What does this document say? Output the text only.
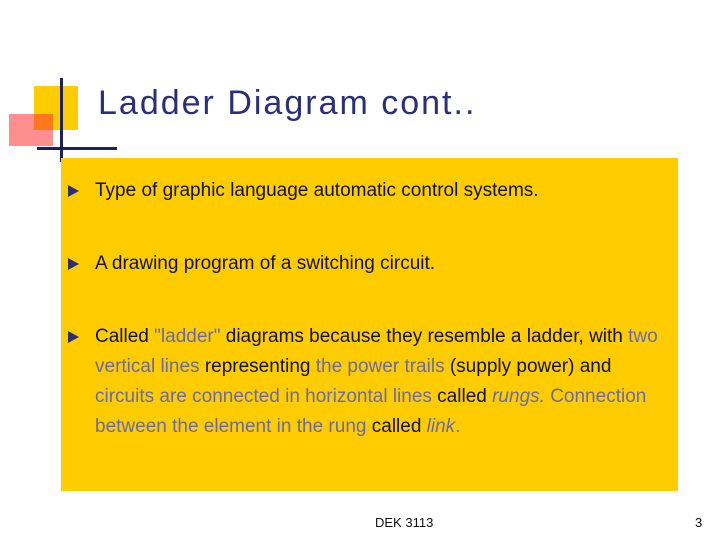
Ladder Diagram cont..
Type of graphic language automatic control systems.
A drawing program of a switching circuit.
Called "ladder" diagrams because they resemble a ladder, with two vertical lines representing the power trails (supply power) and circuits are connected in horizontal lines called rungs. Connection between the element in the rung called link.
DEK 3113	3
